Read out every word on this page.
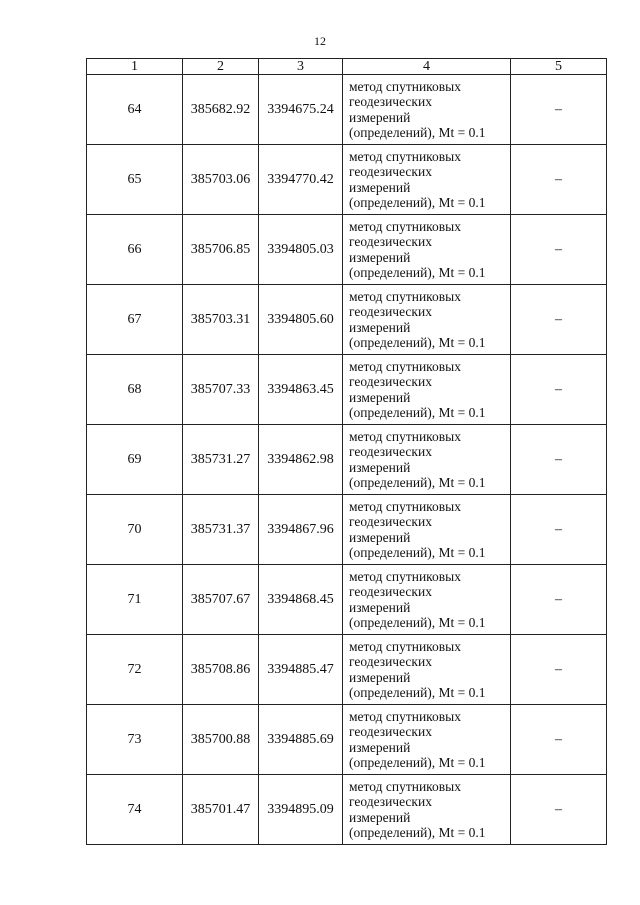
12
1	2	3	4	5
64	385682.92	3394675.24	метод спутниковых
геодезических
измерений
(определений), Mt = 0.1	–
65	385703.06	3394770.42	метод спутниковых
геодезических
измерений
(определений), Mt = 0.1	–
66	385706.85	3394805.03	метод спутниковых
геодезических
измерений
(определений), Mt = 0.1	–
67	385703.31	3394805.60	метод спутниковых
геодезических
измерений
(определений), Mt = 0.1	–
68	385707.33	3394863.45	метод спутниковых
геодезических
измерений
(определений), Mt = 0.1	–
69	385731.27	3394862.98	метод спутниковых
геодезических
измерений
(определений), Mt = 0.1	–
70	385731.37	3394867.96	метод спутниковых
геодезических
измерений
(определений), Mt = 0.1	–
71	385707.67	3394868.45	метод спутниковых
геодезических
измерений
(определений), Mt = 0.1	–
72	385708.86	3394885.47	метод спутниковых
геодезических
измерений
(определений), Mt = 0.1	–
73	385700.88	3394885.69	метод спутниковых
геодезических
измерений
(определений), Mt = 0.1	–
74	385701.47	3394895.09	метод спутниковых
геодезических
измерений
(определений), Mt = 0.1	–
